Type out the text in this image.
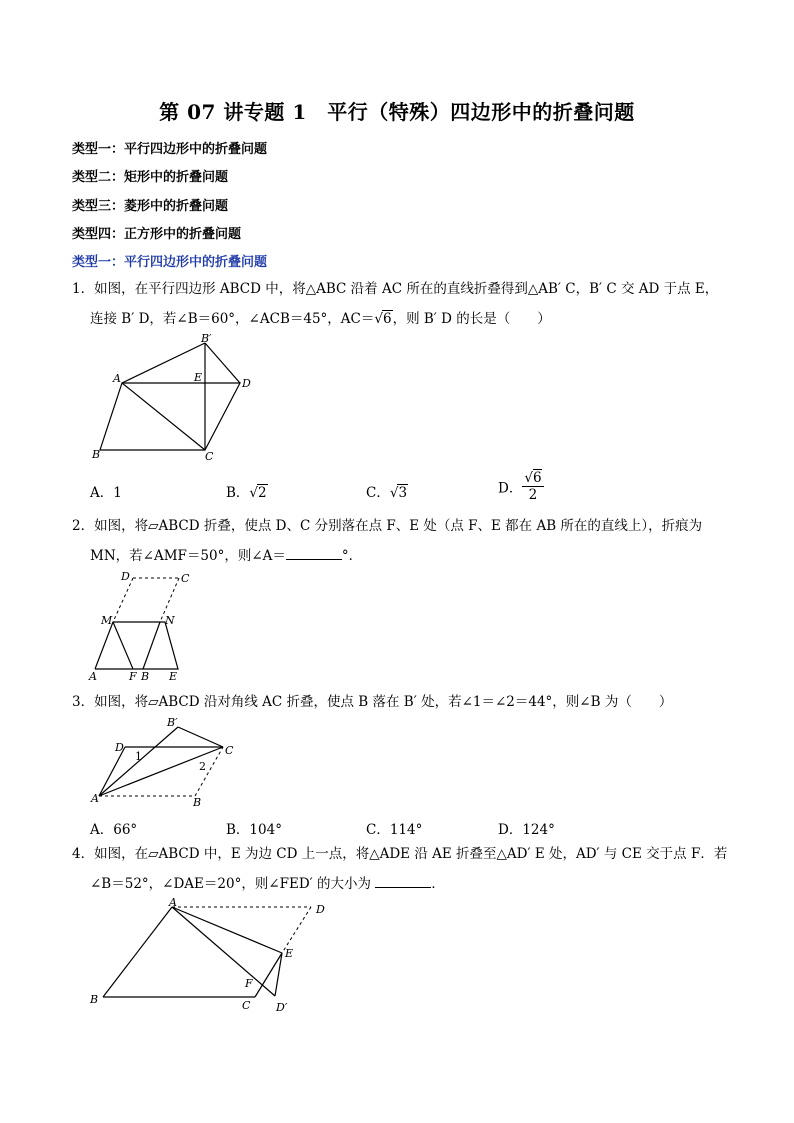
第 07 讲专题 1　平行（特殊）四边形中的折叠问题
类型一：平行四边形中的折叠问题
类型二：矩形中的折叠问题
类型三：菱形中的折叠问题
类型四：正方形中的折叠问题
类型一：平行四边形中的折叠问题
1．如图，在平行四边形 ABCD 中，将△ABC 沿着 AC 所在的直线折叠得到△AB′ C，B′ C 交 AD 于点 E，
连接 B′ D，若∠B＝60°，∠ACB＝45°，AC＝√6，则 B′ D 的长是（　　）
A
B	C
D
E
B′
A．1	B．√2	C．√3	D． $\frac{√6}{2}$
2．如图，将▱ABCD 折叠，使点 D、C 分别落在点 F、E 处（点 F、E 都在 AB 所在的直线上），折痕为
MN，若∠AMF＝50°，则∠A＝	°．
A	F B E
M	N
D	C
3．如图，将▱ABCD 沿对角线 AC 折叠，使点 B 落在 B′ 处，若∠1＝∠2＝44°，则∠B 为（　　）
A	B
C
D
B′
1
2
A．66°	B．104°	C．114°	D．124°
4．如图，在▱ABCD 中，E 为边 CD 上一点，将△ADE 沿 AE 折叠至△AD′ E 处，AD′ 与 CE 交于点 F．若
∠B＝52°，∠DAE＝20°，则∠FED′ 的大小为	．
A
B	C
D
E
F
D′
